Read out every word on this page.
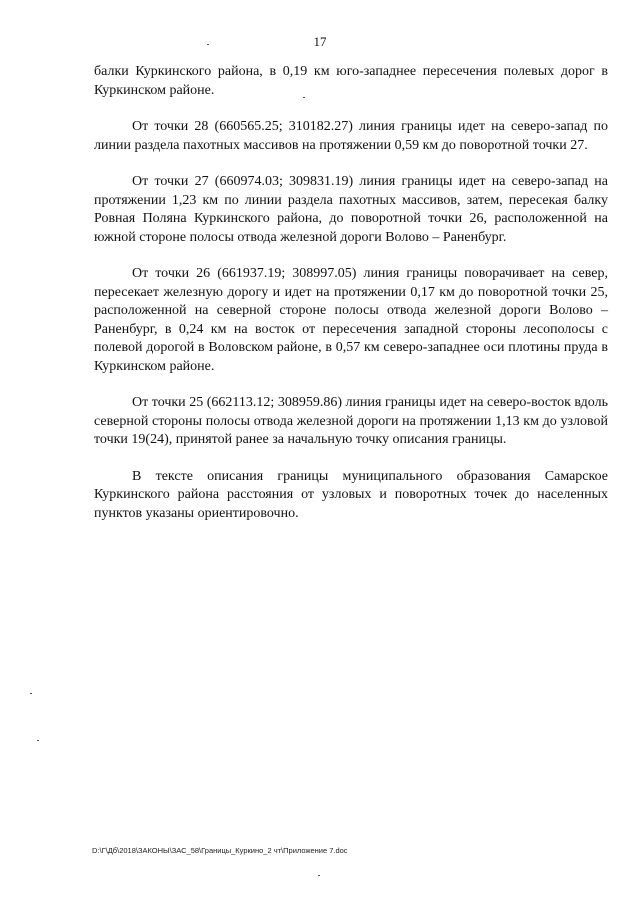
17

балки Куркинского района, в 0,19 км юго-западнее пересечения полевых дорог в Куркинском районе.

От точки 28 (660565.25; 310182.27) линия границы идет на северо-запад по линии раздела пахотных массивов на протяжении 0,59 км до поворотной точки 27.

От точки 27 (660974.03; 309831.19) линия границы идет на северо-запад на протяжении 1,23 км по линии раздела пахотных массивов, затем, пересекая балку Ровная Поляна Куркинского района, до поворотной точки 26, расположенной на южной стороне полосы отвода железной дороги Волово – Раненбург.

От точки 26 (661937.19; 308997.05) линия границы поворачивает на север, пересекает железную дорогу и идет на протяжении 0,17 км до поворотной точки 25, расположенной на северной стороне полосы отвода железной дороги Волово – Раненбург, в 0,24 км на восток от пересечения западной стороны лесополосы с полевой дорогой в Воловском районе, в 0,57 км северо-западнее оси плотины пруда в Куркинском районе.

От точки 25 (662113.12; 308959.86) линия границы идет на северо-восток вдоль северной стороны полосы отвода железной дороги на протяжении 1,13 км до узловой точки 19(24), принятой ранее за начальную точку описания границы.

В тексте описания границы муниципального образования Самарское Куркинского района расстояния от узловых и поворотных точек до населенных пунктов указаны ориентировочно.

D:\Г\Дб\2018\ЗАКОНЫ\ЗАС_58\Границы_Куркино_2 чт\Приложение 7.doc
